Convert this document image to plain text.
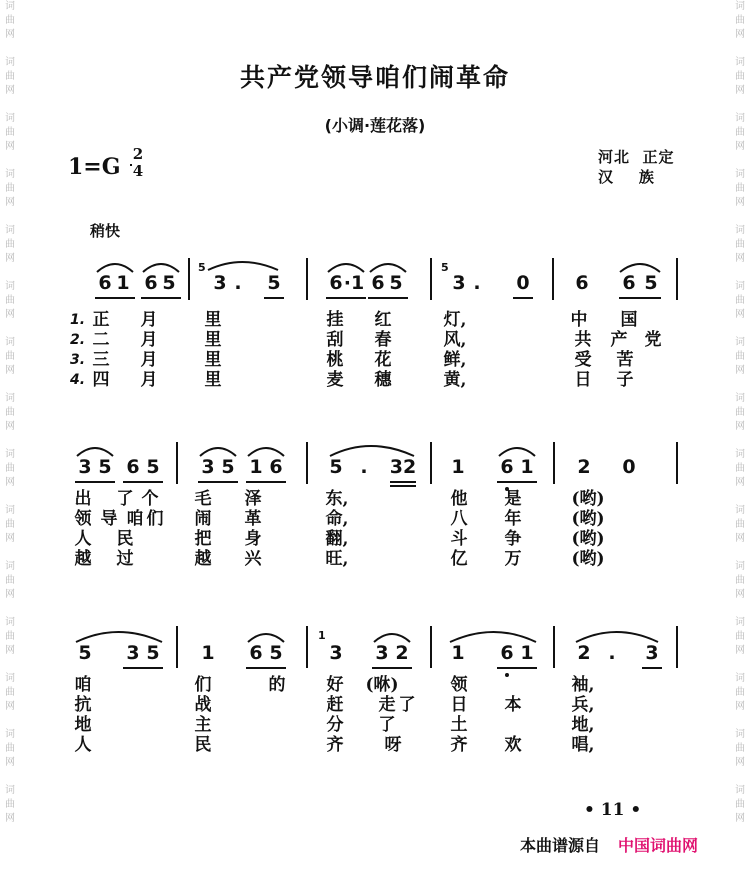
词
曲
网

词
曲
网

词
曲
网

词
曲
网

词
曲
网

词
曲
网

词
曲
网

词
曲
网

词
曲
网

词
曲
网

词
曲
网

词
曲
网

词
曲
网

词
曲
网

词
曲
网

词
曲
网

词
曲
网

词
曲
网

词
曲
网

词
曲
网

词
曲
网

词
曲
网

词
曲
网

词
曲
网

词
曲
网

词
曲
网

词
曲
网

词
曲
网

词
曲
网

词
曲
网

共产党领导咱们闹革命
(小调·莲花落)
1=G 2
4
河北  正定
汉    族
稍快
6 1 6 5 3 .	5	6 ·1 6 5	3 .	0 6 6 5
5	5
1.
2.
3.
4.
正 月	里	挂 红	灯,	中 国
二 月	里	刮 春	风,	共 产 党
三 月	里	桃 花	鲜,	受 苦
四 月	里	麦 穗	黄,	日 子
3 5 6 5 3 5 1 6 5 .	32 1 6 1 2 0
出 了 个 毛 泽	东,	他 是	(哟)
领 导 咱 们 闹 革	命,	八 年	(哟)
人 民	把 身	翻,	斗 争	(哟)
越 过	越 兴	旺,	亿 万	(哟)
5 3 5 1 6 5 3 3 2 1 6 1 2 .	3
1
咱	们	的 好	(咻)	领	袖,
抗	战	赶 走 了 日 本	兵,
地	主	分 了	土	地,
人	民	齐 呀	齐 欢	唱,
• 11 •
本曲谱源自 中国词曲网
